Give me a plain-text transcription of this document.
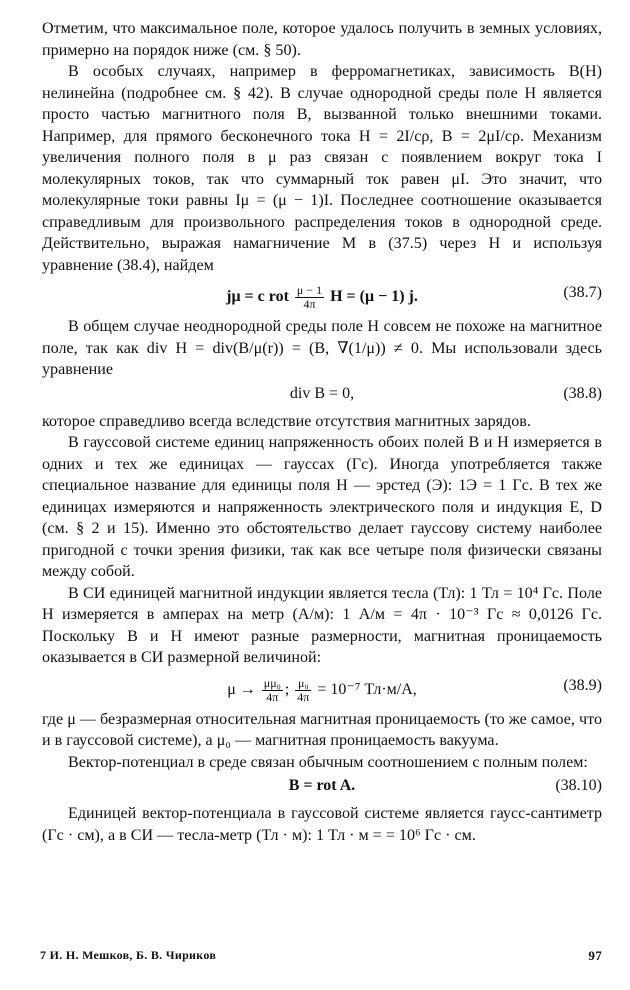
Отметим, что максимальное поле, которое удалось получить в земных условиях, примерно на порядок ниже (см. § 50).

В особых случаях, например в ферромагнетиках, зависимость B(H) нелинейна (подробнее см. § 42). В случае однородной среды поле H является просто частью магнитного поля B, вызванной только внешними токами. Например, для прямого бесконечного тока H = 2I/cρ, B = 2μI/cρ. Механизм увеличения полного поля в μ раз связан с появлением вокруг тока I молекулярных токов, так что суммарный ток равен μI. Это значит, что молекулярные токи равны Iμ = (μ − 1)I. Последнее соотношение оказывается справедливым для произвольного распределения токов в однородной среде. Действительно, выражая намагничение M в (37.5) через H и используя уравнение (38.4), найдем

jμ = c rot $\frac{\mu - 1}{4\pi}$ H = (μ − 1) j.	(38.7)

В общем случае неоднородной среды поле H совсем не похоже на магнитное поле, так как div H = div(B/μ(r)) = (B, ∇(1/μ)) ≠ 0. Мы использовали здесь уравнение

div B = 0,	(38.8)

которое справедливо всегда вследствие отсутствия магнитных зарядов.

В гауссовой системе единиц напряженность обоих полей B и H измеряется в одних и тех же единицах — гауссах (Гс). Иногда употребляется также специальное название для единицы поля H — эрстед (Э): 1Э = 1 Гс. В тех же единицах измеряются и напряженность электрического поля и индукция E, D (см. § 2 и 15). Именно это обстоятельство делает гауссову систему наиболее пригодной с точки зрения физики, так как все четыре поля физически связаны между собой.

В СИ единицей магнитной индукции является тесла (Тл): 1 Тл = 10⁴ Гс. Поле H измеряется в амперах на метр (А/м): 1 А/м = 4π · 10⁻³ Гс ≈ 0,0126 Гс. Поскольку B и H имеют разные размерности, магнитная проницаемость оказывается в СИ размерной величиной:

$\mu \to \frac{\text{μμ₀}}{4\pi}$ ; $\frac{\text{μ₀}}{4\pi} = 10^{-7}$ Тл·м/A,	(38.9)

где μ — безразмерная относительная магнитная проницаемость (то же самое, что и в гауссовой системе), а μ₀ — магнитная проницаемость вакуума.

Вектор-потенциал в среде связан обычным соотношением с полным полем:

B = rot A.	(38.10)

Единицей вектор-потенциала в гауссовой системе является гаусс-сантиметр (Гс · см), а в СИ — тесла-метр (Тл · м): 1 Тл · м = = 10⁶ Гс · см.

7 И. Н. Мешков, Б. В. Чириков	97
